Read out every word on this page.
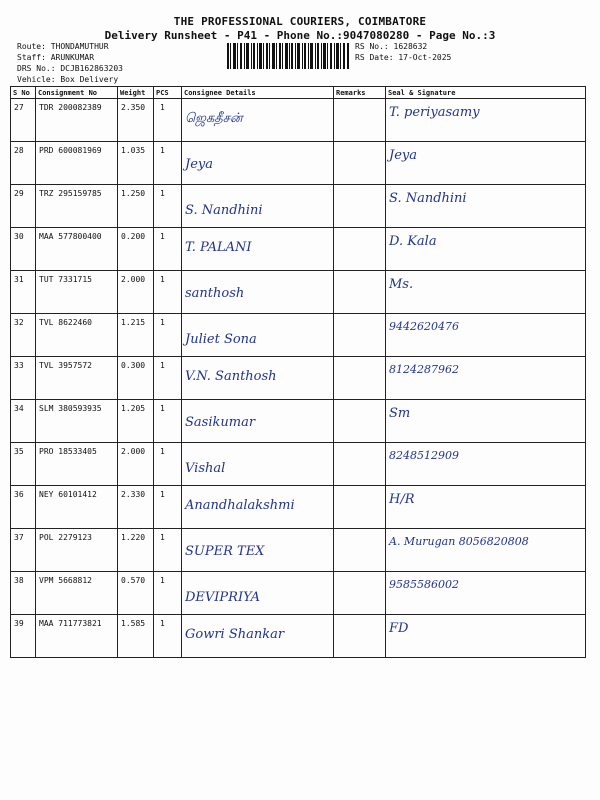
THE PROFESSIONAL COURIERS, COIMBATORE
Delivery Runsheet - P41 - Phone No.:9047080280 - Page No.:3
Route: THONDAMUTHUR
Staff: ARUNKUMAR
DRS No.: DCJB162863203
Vehicle: Box Delivery
RS No.: 1628632
RS Date: 17-Oct-2025
S No	Consignment No	Weight	PCS	Consignee Details	Remarks	Seal & Signature
27	TDR 200082389	2.350	1	ஜெகதீசன்		T. periyasamy

28	PRD 600081969	1.035	1	Jeya		Jeya

29	TRZ 295159785	1.250	1	S. Nandhini		S. Nandhini

30	MAA 577800400	0.200	1	T. PALANI		D. Kala

31	TUT 7331715	2.000	1	santhosh		Ms.

32	TVL 8622460	1.215	1	Juliet Sona		9442620476

33	TVL 3957572	0.300	1	V.N. Santhosh		8124287962

34	SLM 380593935	1.205	1	Sasikumar		Sm

35	PRO 18533405	2.000	1	Vishal		8248512909

36	NEY 60101412	2.330	1	Anandhalakshmi		H/R

37	POL 2279123	1.220	1	SUPER TEX		A. Murugan 8056820808

38	VPM 5668812	0.570	1	DEVIPRIYA		9585586002

39	MAA 711773821	1.585	1	Gowri Shankar		FD
